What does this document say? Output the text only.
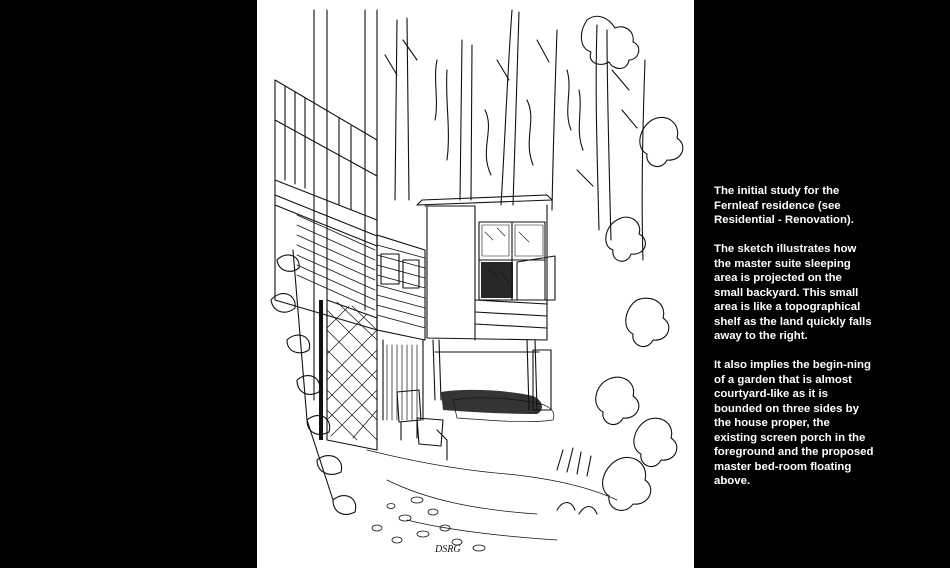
DSRG

The initial study for the Fernleaf residence (see Residential - Renovation).

The sketch illustrates how the master suite sleeping area is projected on the small backyard. This small area is like a topographical shelf as the land quickly falls away to the right.

It also implies the begin-ning of a garden that is almost courtyard-like as it is bounded on three sides by the house proper, the existing screen porch in the foreground and the proposed master bed-room floating above.
